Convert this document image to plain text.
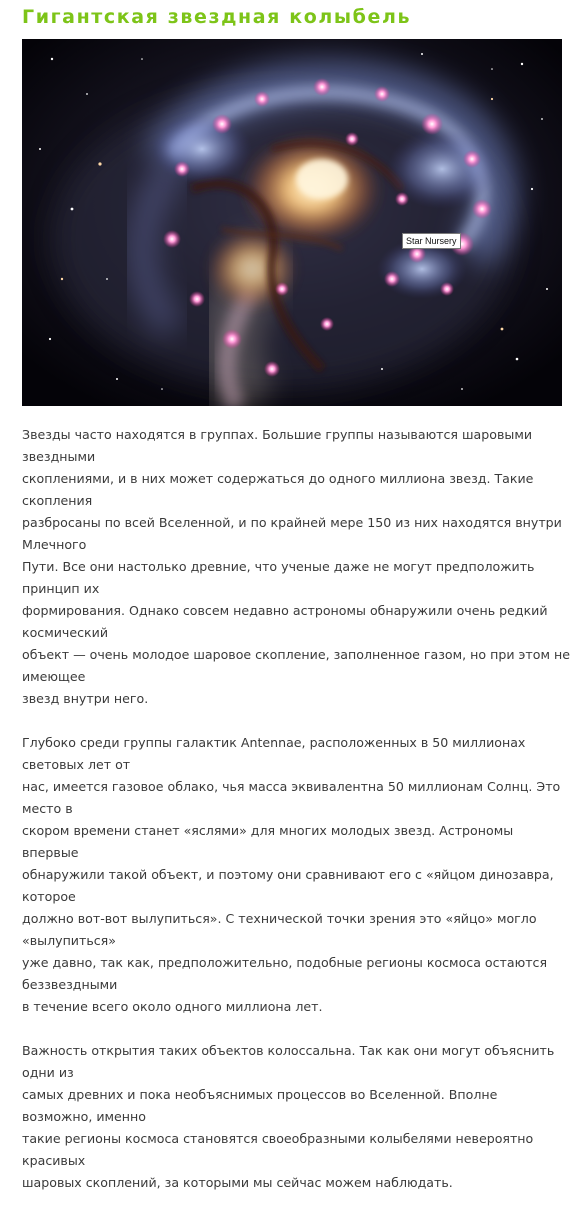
Гигантская звездная колыбель
Star Nursery

Звезды часто находятся в группах. Большие группы называются шаровыми звездными
скоплениями, и в них может содержаться до одного миллиона звезд. Такие скопления
разбросаны по всей Вселенной, и по крайней мере 150 из них находятся внутри Млечного
Пути. Все они настолько древние, что ученые даже не могут предположить принцип их
формирования. Однако совсем недавно астрономы обнаружили очень редкий космический
объект — очень молодое шаровое скопление, заполненное газом, но при этом не имеющее
звезд внутри него.

Глубоко среди группы галактик Antennae, расположенных в 50 миллионах световых лет от
нас, имеется газовое облако, чья масса эквивалентна 50 миллионам Солнц. Это место в
скором времени станет «яслями» для многих молодых звезд. Астрономы впервые
обнаружили такой объект, и поэтому они сравнивают его с «яйцом динозавра, которое
должно вот-вот вылупиться». С технической точки зрения это «яйцо» могло «вылупиться»
уже давно, так как, предположительно, подобные регионы космоса остаются беззвездными
в течение всего около одного миллиона лет.

Важность открытия таких объектов колоссальна. Так как они могут объяснить одни из
самых древних и пока необъяснимых процессов во Вселенной. Вполне возможно, именно
такие регионы космоса становятся своеобразными колыбелями невероятно красивых
шаровых скоплений, за которыми мы сейчас можем наблюдать.
